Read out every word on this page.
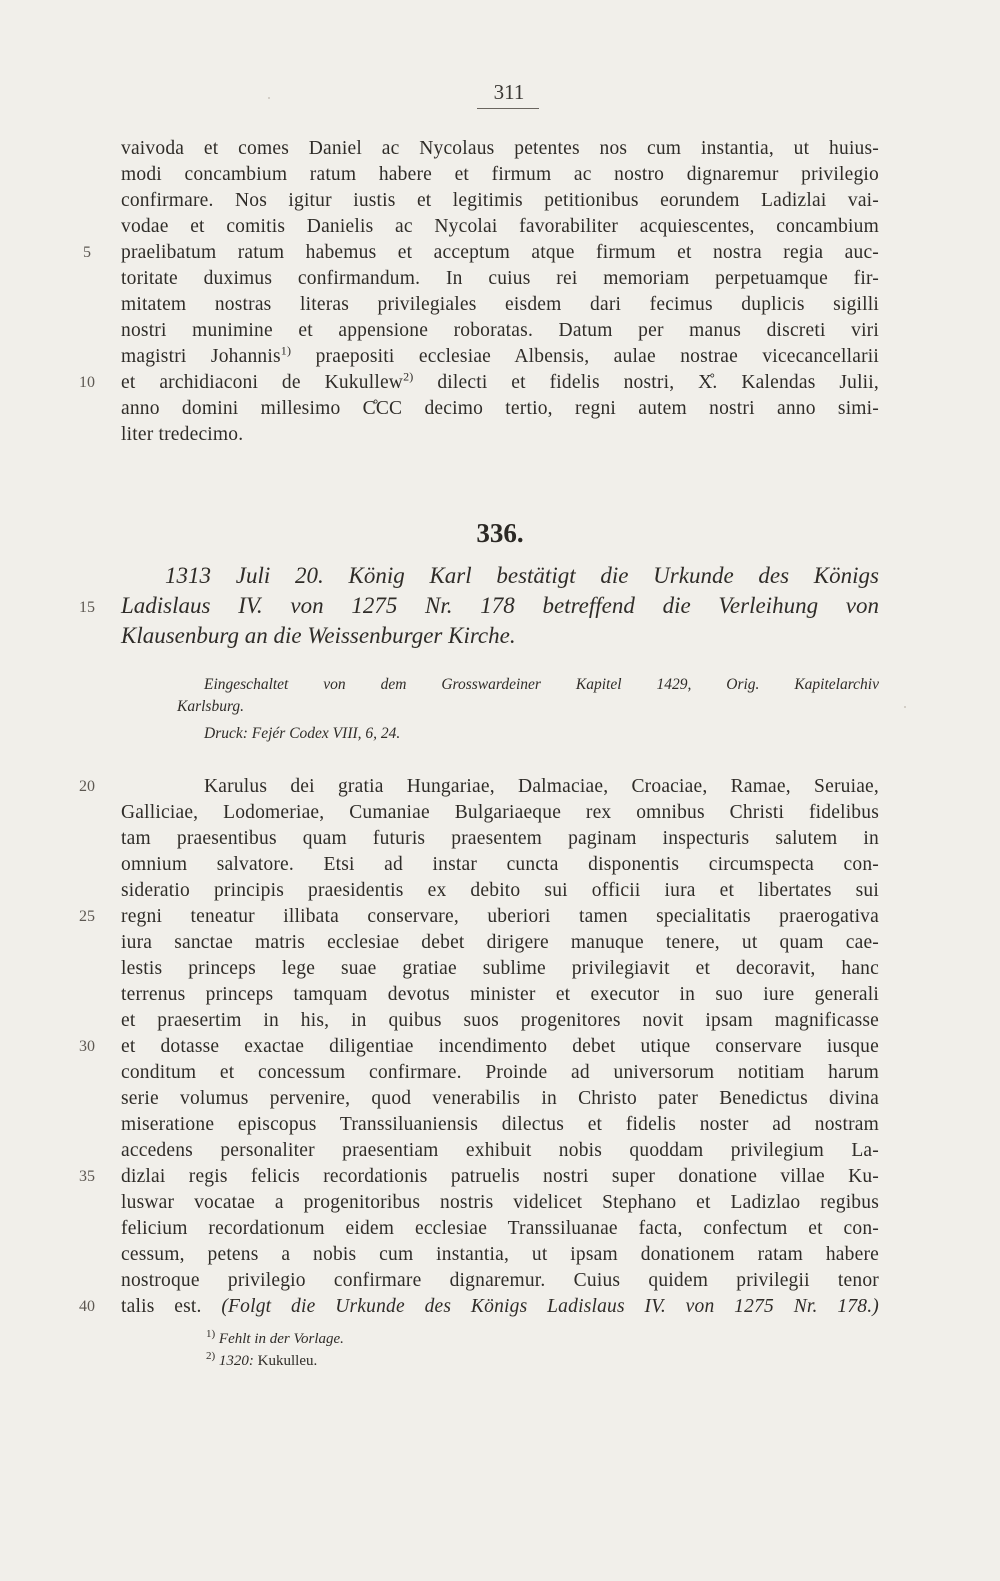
311
vaivoda et comes Daniel ac Nycolaus petentes nos cum instantia, ut huius-
modi concambium ratum habere et firmum ac nostro dignaremur privilegio
confirmare. Nos igitur iustis et legitimis petitionibus eorundem Ladizlai vai-
vodae et comitis Danielis ac Nycolai favorabiliter acquiescentes, concambium
praelibatum ratum habemus et acceptum atque firmum et nostra regia auc-
toritate duximus confirmandum. In cuius rei memoriam perpetuamque fir-
mitatem nostras literas privilegiales eisdem dari fecimus duplicis sigilli
nostri munimine et appensione roboratas. Datum per manus discreti viri
magistri Johannis$^{1)}$ praepositi ecclesiae Albensis, aulae nostrae vicecancellarii
et archidiaconi de Kukullew$^{2)}$ dilecti et fidelis nostri, X̊. Kalendas Julii,
anno domini millesimo C̊CC decimo tertio, regni autem nostri anno simi-
liter tredecimo.
336.
1313 Juli 20. König Karl bestätigt die Urkunde des Königs
Ladislaus IV. von 1275 Nr. 178 betreffend die Verleihung von
Klausenburg an die Weissenburger Kirche.
Eingeschaltet von dem Grosswardeiner Kapitel 1429, Orig. Kapitelarchiv
Karlsburg.
Druck: Fejér Codex VIII, 6, 24.
Karulus dei gratia Hungariae, Dalmaciae, Croaciae, Ramae, Seruiae,
Galliciae, Lodomeriae, Cumaniae Bulgariaeque rex omnibus Christi fidelibus
tam praesentibus quam futuris praesentem paginam inspecturis salutem in
omnium salvatore. Etsi ad instar cuncta disponentis circumspecta con-
sideratio principis praesidentis ex debito sui officii iura et libertates sui
regni teneatur illibata conservare, uberiori tamen specialitatis praerogativa
iura sanctae matris ecclesiae debet dirigere manuque tenere, ut quam cae-
lestis princeps lege suae gratiae sublime privilegiavit et decoravit, hanc
terrenus princeps tamquam devotus minister et executor in suo iure generali
et praesertim in his, in quibus suos progenitores novit ipsam magnificasse
et dotasse exactae diligentiae incendimento debet utique conservare iusque
conditum et concessum confirmare. Proinde ad universorum notitiam harum
serie volumus pervenire, quod venerabilis in Christo pater Benedictus divina
miseratione episcopus Transsiluaniensis dilectus et fidelis noster ad nostram
accedens personaliter praesentiam exhibuit nobis quoddam privilegium La-
dizlai regis felicis recordationis patruelis nostri super donatione villae Ku-
luswar vocatae a progenitoribus nostris videlicet Stephano et Ladizlao regibus
felicium recordationum eidem ecclesiae Transsiluanae facta, confectum et con-
cessum, petens a nobis cum instantia, ut ipsam donationem ratam habere
nostroque privilegio confirmare dignaremur. Cuius quidem privilegii tenor
talis est. (Folgt die Urkunde des Königs Ladislaus IV. von 1275 Nr. 178.)
$^{1)}$ Fehlt in der Vorlage.
$^{2)}$ 1320: Kukulleu.
5
10
15
20
25
30
35
40
